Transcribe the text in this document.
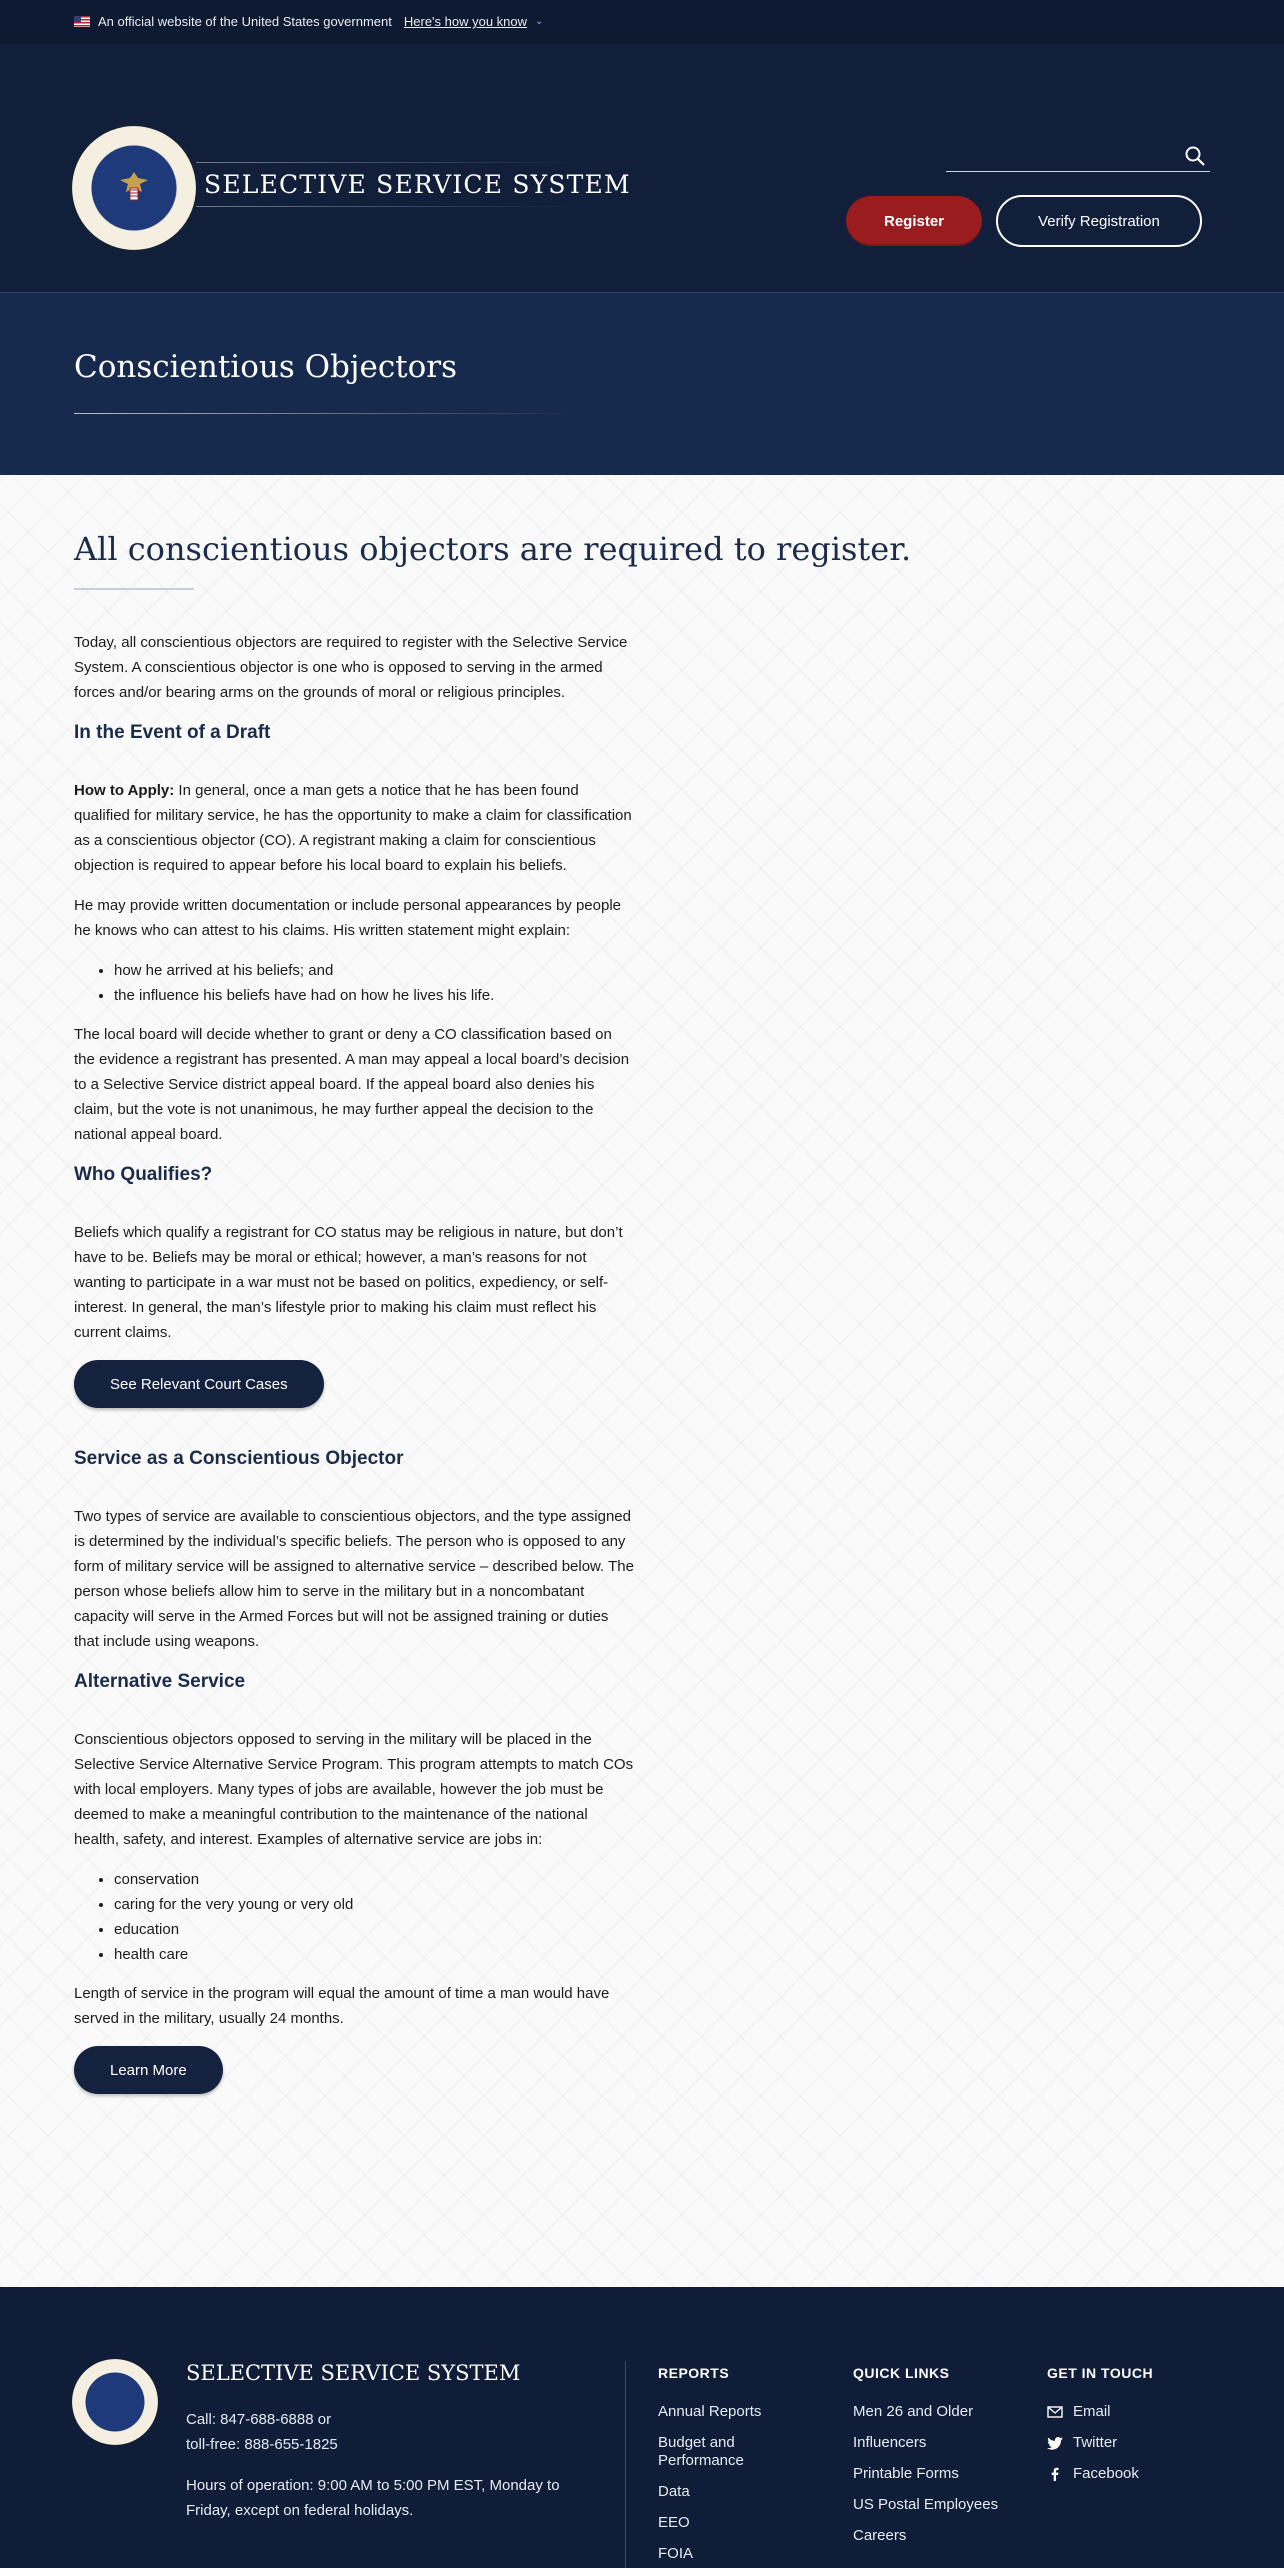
An official website of the United States government Here's how you know ⌄
SELECTIVE SERVICE SYSTEM
Register	Verify Registration
Conscientious Objectors
All conscientious objectors are required to register.

Today, all conscientious objectors are required to register with the Selective Service System. A conscientious objector is one who is opposed to serving in the armed forces and/or bearing arms on the grounds of moral or religious principles.

In the Event of a Draft

How to Apply: In general, once a man gets a notice that he has been found qualified for military service, he has the opportunity to make a claim for classification as a conscientious objector (CO). A registrant making a claim for conscientious objection is required to appear before his local board to explain his beliefs.

He may provide written documentation or include personal appearances by people he knows who can attest to his claims. His written statement might explain:

• how he arrived at his beliefs; and
• the influence his beliefs have had on how he lives his life.

The local board will decide whether to grant or deny a CO classification based on the evidence a registrant has presented. A man may appeal a local board’s decision to a Selective Service district appeal board. If the appeal board also denies his claim, but the vote is not unanimous, he may further appeal the decision to the national appeal board.

Who Qualifies?

Beliefs which qualify a registrant for CO status may be religious in nature, but don’t have to be. Beliefs may be moral or ethical; however, a man’s reasons for not wanting to participate in a war must not be based on politics, expediency, or self-interest. In general, the man’s lifestyle prior to making his claim must reflect his current claims.

See Relevant Court Cases
Service as a Conscientious Objector

Two types of service are available to conscientious objectors, and the type assigned is determined by the individual’s specific beliefs. The person who is opposed to any form of military service will be assigned to alternative service – described below. The person whose beliefs allow him to serve in the military but in a noncombatant capacity will serve in the Armed Forces but will not be assigned training or duties that include using weapons.

Alternative Service

Conscientious objectors opposed to serving in the military will be placed in the Selective Service Alternative Service Program. This program attempts to match COs with local employers. Many types of jobs are available, however the job must be deemed to make a meaningful contribution to the maintenance of the national health, safety, and interest. Examples of alternative service are jobs in:

• conservation
• caring for the very young or very old
• education
• health care

Length of service in the program will equal the amount of time a man would have served in the military, usually 24 months.

Learn More
SELECTIVE SERVICE SYSTEM
Call: 847-688-6888 or
toll-free: 888-655-1825
Hours of operation: 9:00 AM to 5:00 PM EST, Monday to Friday, except on federal holidays.
REPORTS
Annual Reports
Budget and Performance
Data
EEO
FOIA
QUICK LINKS
Men 26 and Older
Influencers
Printable Forms
US Postal Employees
Careers
GET IN TOUCH
Email
Twitter
Facebook
